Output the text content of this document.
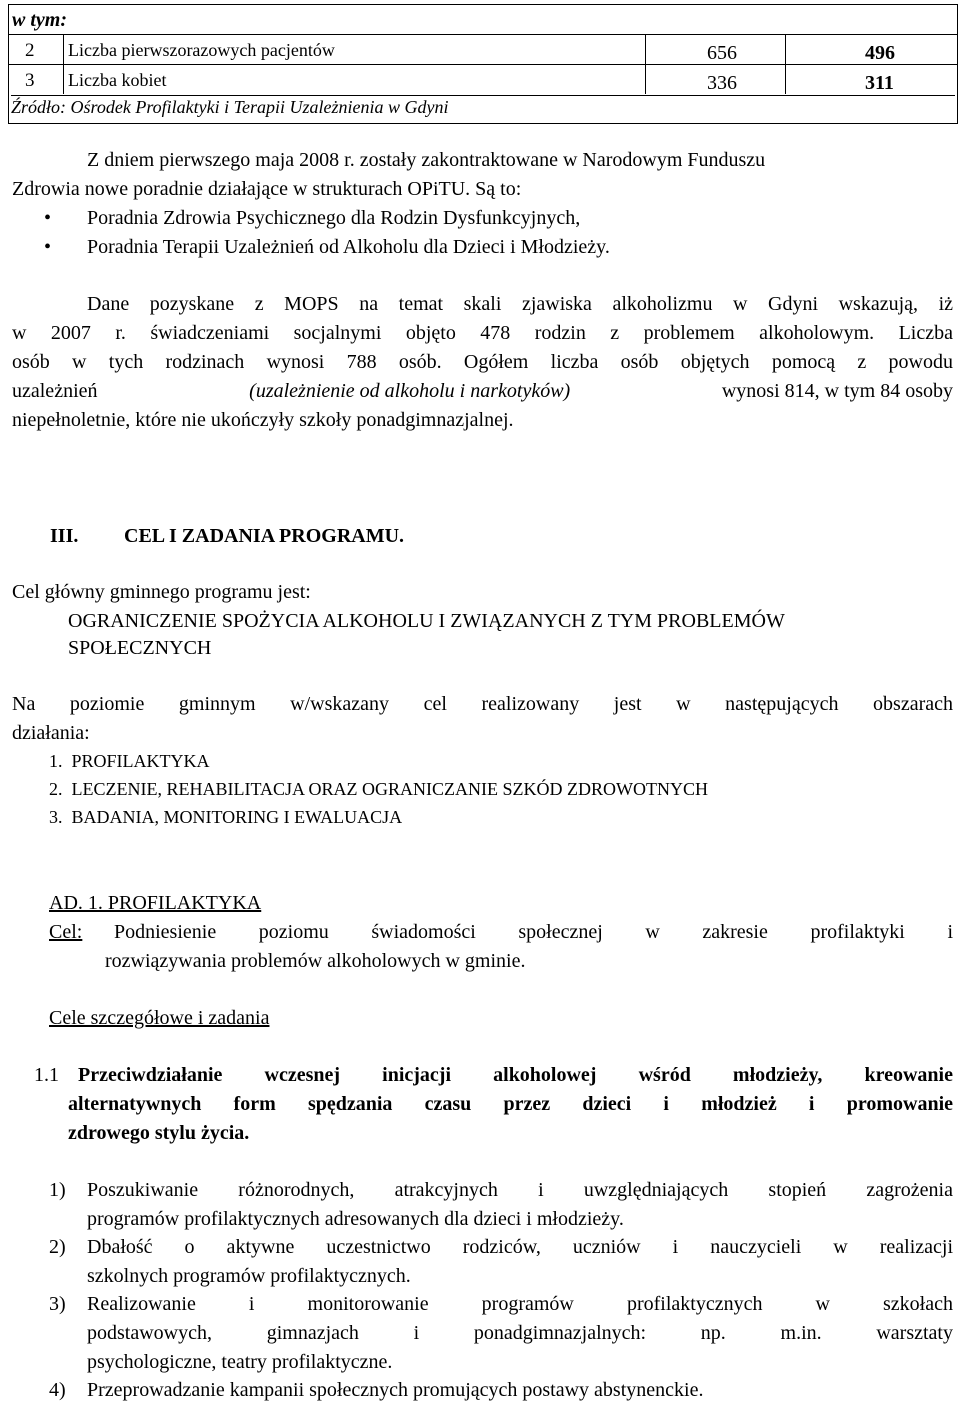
w tym:
2 Liczba pierwszorazowych pacjentów	656	496
3 Liczba kobiet	336	311
Źródło: Ośrodek Profilaktyki i Terapii Uzależnienia w Gdyni
Z dniem pierwszego maja 2008 r. zostały zakontraktowane w Narodowym Funduszu
Zdrowia nowe poradnie działające w strukturach OPiTU. Są to:
• Poradnia Zdrowia Psychicznego dla Rodzin Dysfunkcyjnych,
• Poradnia Terapii Uzależnień od Alkoholu dla Dzieci i Młodzieży.
Dane pozyskane z MOPS na temat skali zjawiska alkoholizmu w Gdyni wskazują, iż
w 2007 r. świadczeniami socjalnymi objęto 478 rodzin z problemem alkoholowym. Liczba
osób w tych rodzinach wynosi 788 osób. Ogółem liczba osób objętych pomocą z powodu
uzależnień	(uzależnienie od alkoholu i narkotyków)	wynosi 814, w tym 84 osoby
niepełnoletnie, które nie ukończyły szkoły ponadgimnazjalnej.
III. CEL I ZADANIA PROGRAMU.
Cel główny gminnego programu jest:
OGRANICZENIE SPOŻYCIA ALKOHOLU I ZWIĄZANYCH Z TYM PROBLEMÓW
SPOŁECZNYCH
Na poziomie gminnym w/wskazany cel realizowany jest w następujących obszarach
działania:
1.  PROFILAKTYKA
2.  LECZENIE, REHABILITACJA ORAZ OGRANICZANIE SZKÓD ZDROWOTNYCH
3.  BADANIA, MONITORING I EWALUACJA
AD. 1. PROFILAKTYKA
Cel: Podniesienie poziomu świadomości społecznej w zakresie profilaktyki i
rozwiązywania problemów alkoholowych w gminie.
Cele szczegółowe i zadania
1.1 Przeciwdziałanie wczesnej inicjacji alkoholowej wśród młodzieży, kreowanie
alternatywnych form spędzania czasu przez dzieci i młodzież i promowanie
zdrowego stylu życia.
1) Poszukiwanie różnorodnych, atrakcyjnych i uwzględniających stopień zagrożenia
programów profilaktycznych adresowanych dla dzieci i młodzieży.
2) Dbałość o aktywne uczestnictwo rodziców, uczniów i nauczycieli w realizacji
szkolnych programów profilaktycznych.
3) Realizowanie i monitorowanie programów profilaktycznych w szkołach
podstawowych, gimnazjach i ponadgimnazjalnych: np. m.in. warsztaty
psychologiczne, teatry profilaktyczne.
4) Przeprowadzanie kampanii społecznych promujących postawy abstynenckie.
